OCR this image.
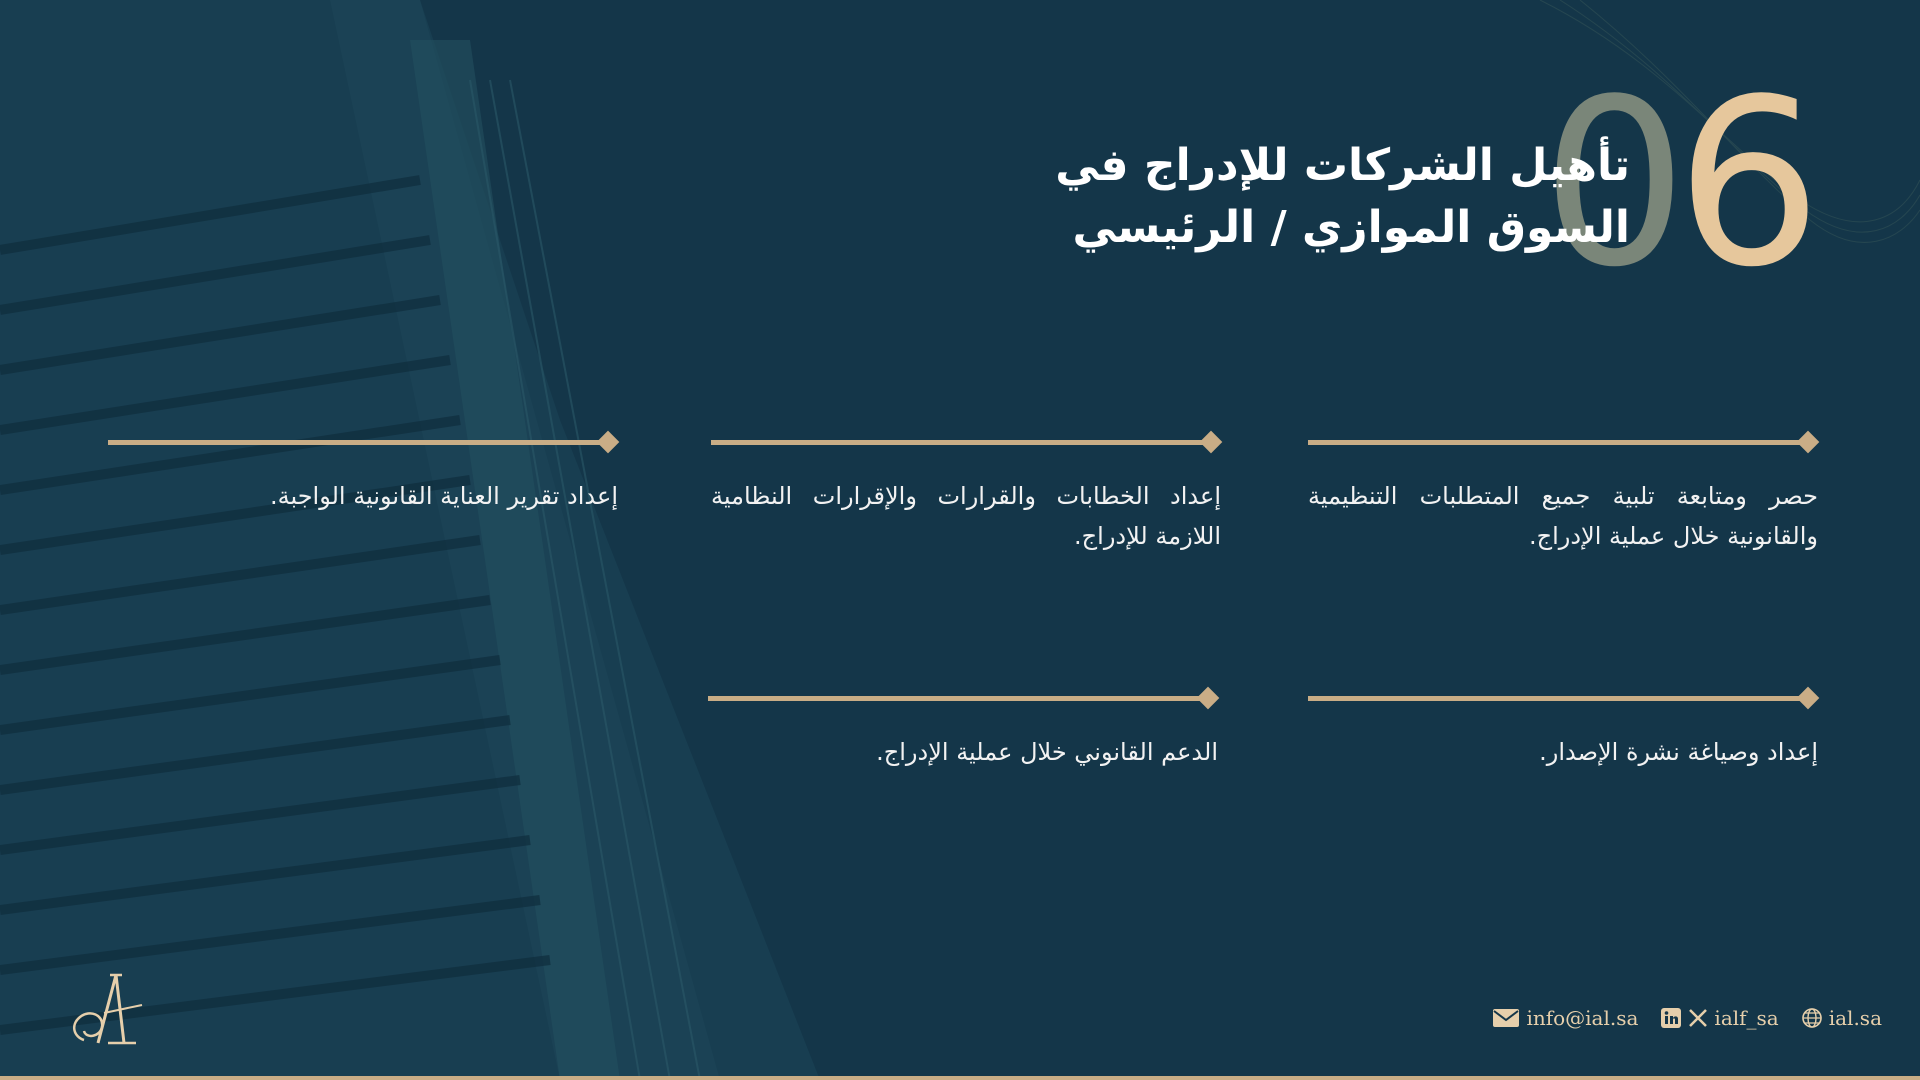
06
تأهيل الشركات للإدراج في
السوق الموازي / الرئيسي
حصر ومتابعة تلبية جميع المتطلبات التنظيمية والقانونية خلال عملية الإدراج.
إعداد الخطابات والقرارات والإقرارات النظامية اللازمة للإدراج.
إعداد تقرير العناية القانونية الواجبة.
إعداد وصياغة نشرة الإصدار.
الدعم القانوني خلال عملية الإدراج.
info@ial.sa	ialf_sa	ial.sa
